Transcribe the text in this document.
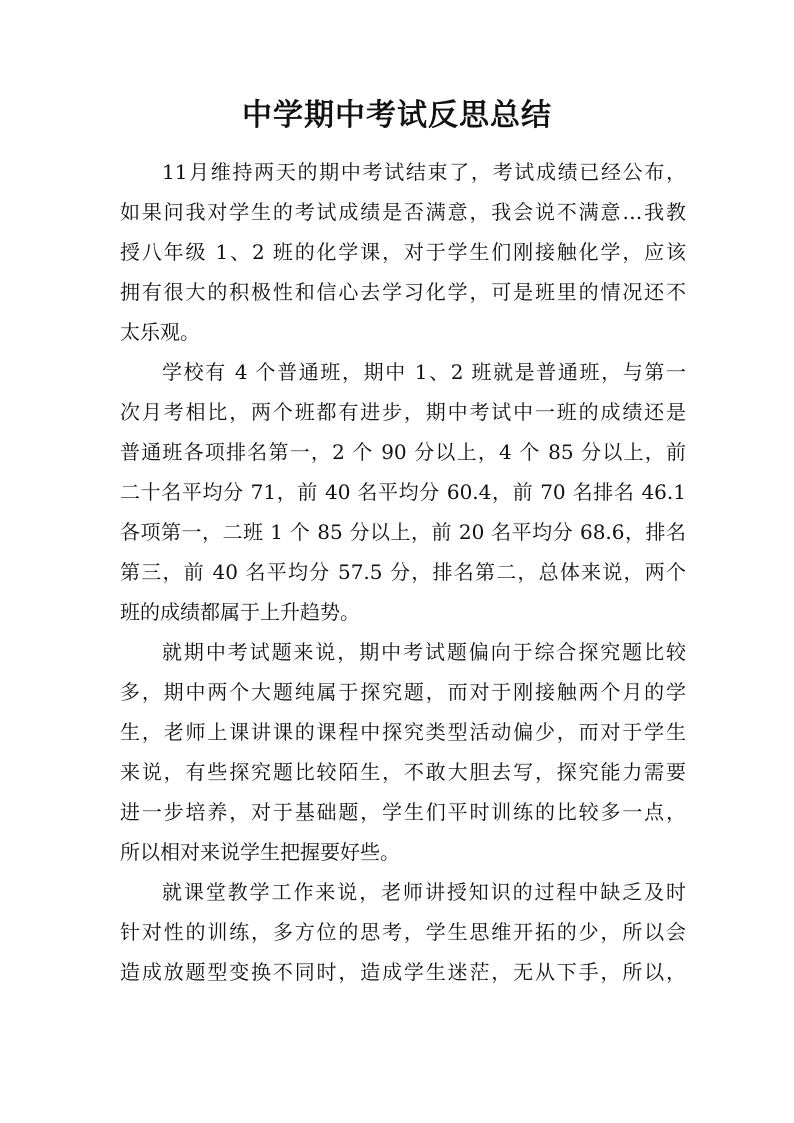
中学期中考试反思总结

11月维持两天的期中考试结束了，考试成绩已经公布，
如果问我对学生的考试成绩是否满意，我会说不满意…我教
授八年级 1、2 班的化学课，对于学生们刚接触化学，应该
拥有很大的积极性和信心去学习化学，可是班里的情况还不
太乐观。

学校有 4 个普通班，期中 1、2 班就是普通班，与第一
次月考相比，两个班都有进步，期中考试中一班的成绩还是
普通班各项排名第一，2 个 90 分以上，4 个 85 分以上，前
二十名平均分 71，前 40 名平均分 60.4，前 70 名排名 46.1
各项第一，二班 1 个 85 分以上，前 20 名平均分 68.6，排名
第三，前 40 名平均分 57.5 分，排名第二，总体来说，两个
班的成绩都属于上升趋势。

就期中考试题来说，期中考试题偏向于综合探究题比较
多，期中两个大题纯属于探究题，而对于刚接触两个月的学
生，老师上课讲课的课程中探究类型活动偏少，而对于学生
来说，有些探究题比较陌生，不敢大胆去写，探究能力需要
进一步培养，对于基础题，学生们平时训练的比较多一点，
所以相对来说学生把握要好些。

就课堂教学工作来说，老师讲授知识的过程中缺乏及时
针对性的训练，多方位的思考，学生思维开拓的少，所以会
造成放题型变换不同时，造成学生迷茫，无从下手，所以，
